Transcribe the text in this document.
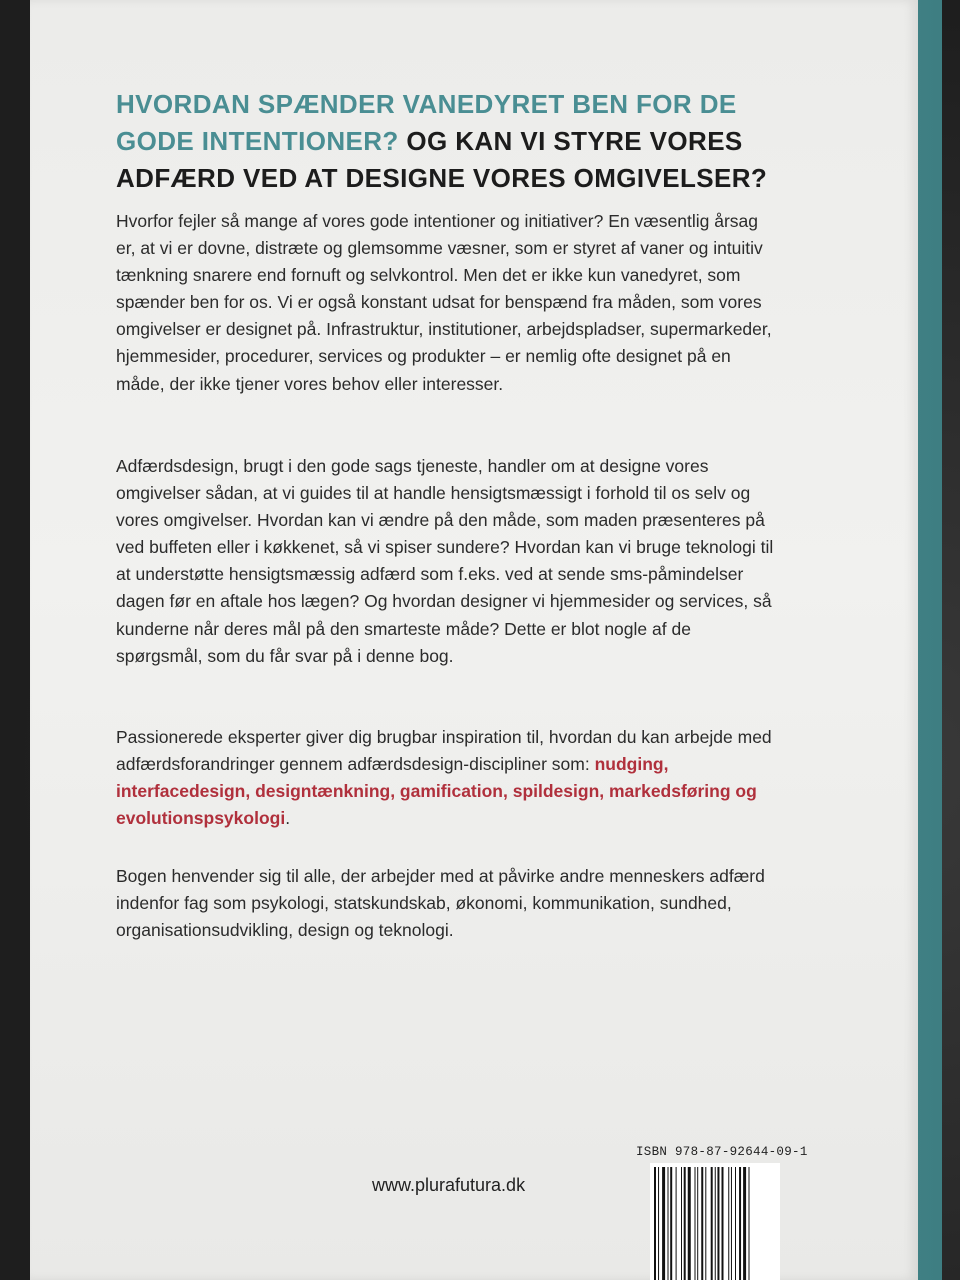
HVORDAN SPÆNDER VANEDYRET BEN FOR DE GODE INTENTIONER? OG KAN VI STYRE VORES ADFÆRD VED AT DESIGNE VORES OMGIVELSER?

Hvorfor fejler så mange af vores gode intentioner og initiativer? En væsentlig årsag er, at vi er dovne, distræte og glemsomme væsner, som er styret af vaner og intuitiv tænkning snarere end fornuft og selvkontrol. Men det er ikke kun vanedyret, som spænder ben for os. Vi er også konstant udsat for benspænd fra måden, som vores omgivelser er designet på. Infrastruktur, institutioner, arbejdspladser, supermarkeder, hjemmesider, procedurer, services og produkter – er nemlig ofte designet på en måde, der ikke tjener vores behov eller interesser.

Adfærdsdesign, brugt i den gode sags tjeneste, handler om at designe vores omgivelser sådan, at vi guides til at handle hensigtsmæssigt i forhold til os selv og vores omgivelser. Hvordan kan vi ændre på den måde, som maden præsenteres på ved buffeten eller i køkkenet, så vi spiser sundere? Hvordan kan vi bruge teknologi til at understøtte hensigtsmæssig adfærd som f.eks. ved at sende sms-påmindelser dagen før en aftale hos lægen? Og hvordan designer vi hjemmesider og services, så kunderne når deres mål på den smarteste måde? Dette er blot nogle af de spørgsmål, som du får svar på i denne bog.

Passionerede eksperter giver dig brugbar inspiration til, hvordan du kan arbejde med adfærdsforandringer gennem adfærdsdesign-discipliner som: nudging, interfacedesign, designtænkning, gamification, spildesign, markedsføring og evolutionspsykologi.

Bogen henvender sig til alle, der arbejder med at påvirke andre menneskers adfærd indenfor fag som psykologi, statskundskab, økonomi, kommunikation, sundhed, organisationsudvikling, design og teknologi.

www.plurafutura.dk

ISBN 978-87-92644-09-1
